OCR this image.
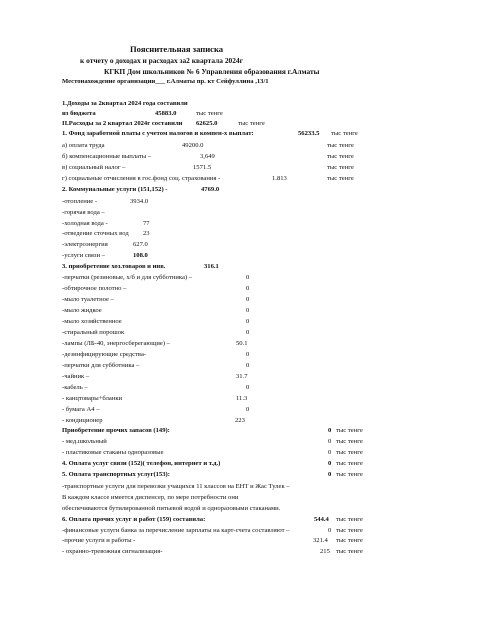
Пояснительная записка
к отчету о доходах и расходах за2 квартала 2024г
КГКП Дом школьников № 6 Управления образования г.Алматы
Местонахождение организации___ г.Алматы пр. кт Сейфуллина ,13/1
1.Доходы за 2квартал 2024 года составили
из бюджета	45883.0	тыс тенге
II.Расходы за 2 квартал 2024г составили 62625.0	тыс тенге
1. Фонд заработной платы с учетом налогов и компен-х выплат:	56233.5 тыс тенге
а) оплата труда	49200.0	тыс тенге
б) компенсационные выплаты –	3,649	тыс тенге
в) социальный налог –	1571.5	тыс тенге
г) социальные отчисления в гос.фонд соц. страхования -	1.813	тыс тенге
2. Коммунальные услуги (151,152) -	4769.0
-отопление -	3934.0
-горячая вода –
-холодная вода -	77
-отведение сточных вод 23
-электроэнергия	627.0
-услуги связи –	108.0
3. приобретение хоз.товаров и инв.	316.1
-перчатки (резиновые, х/б и для субботника) –	0
-обтирочное полотно –	0
-мыло туалетное –	0
-мыло жидкое	0
-мыло хозяйственное	0
-стиральный порошок	0
-лампы (ЛБ-40, энергосберегающие) –	50.1
-дезинфицирующие средства-	0
-перчатки для субботника –	0
-чайник –	31.7
-кабель –	0
- канцтовары+бланки	11.3
- бумага А4 –	0
- кондиционер	223
Приобретение прочих запасов (149):	0 тыс тенге
- мед.школьный	0 тыс тенге
- пластиковые стаканы одноразовые	0 тыс тенге
4. Оплата услуг связи (152)( телефон, интернет и т.д.)	0 тыс тенге
5. Оплата транспортных услуг(153):	0 тыс тенге
-транспортные услуги для перевозки учащихся 11 классов на ЕНТ и Жас Тулек –
В каждом классе имеется диспенсер, по мере потребности они
обеспечиваются бутилированной питьевой водой и одноразовыми стаканами.
6. Оплата прочих услуг и работ (159) составила:	544.4 тыс тенге
-финансовые услуги банка за перечисление зарплаты на карт-счета составляют –	0 тыс тенге
-прочие услуги и работы -	321.4 тыс тенге
- охранно-тревожная сигнализация-	215 тыс тенге
